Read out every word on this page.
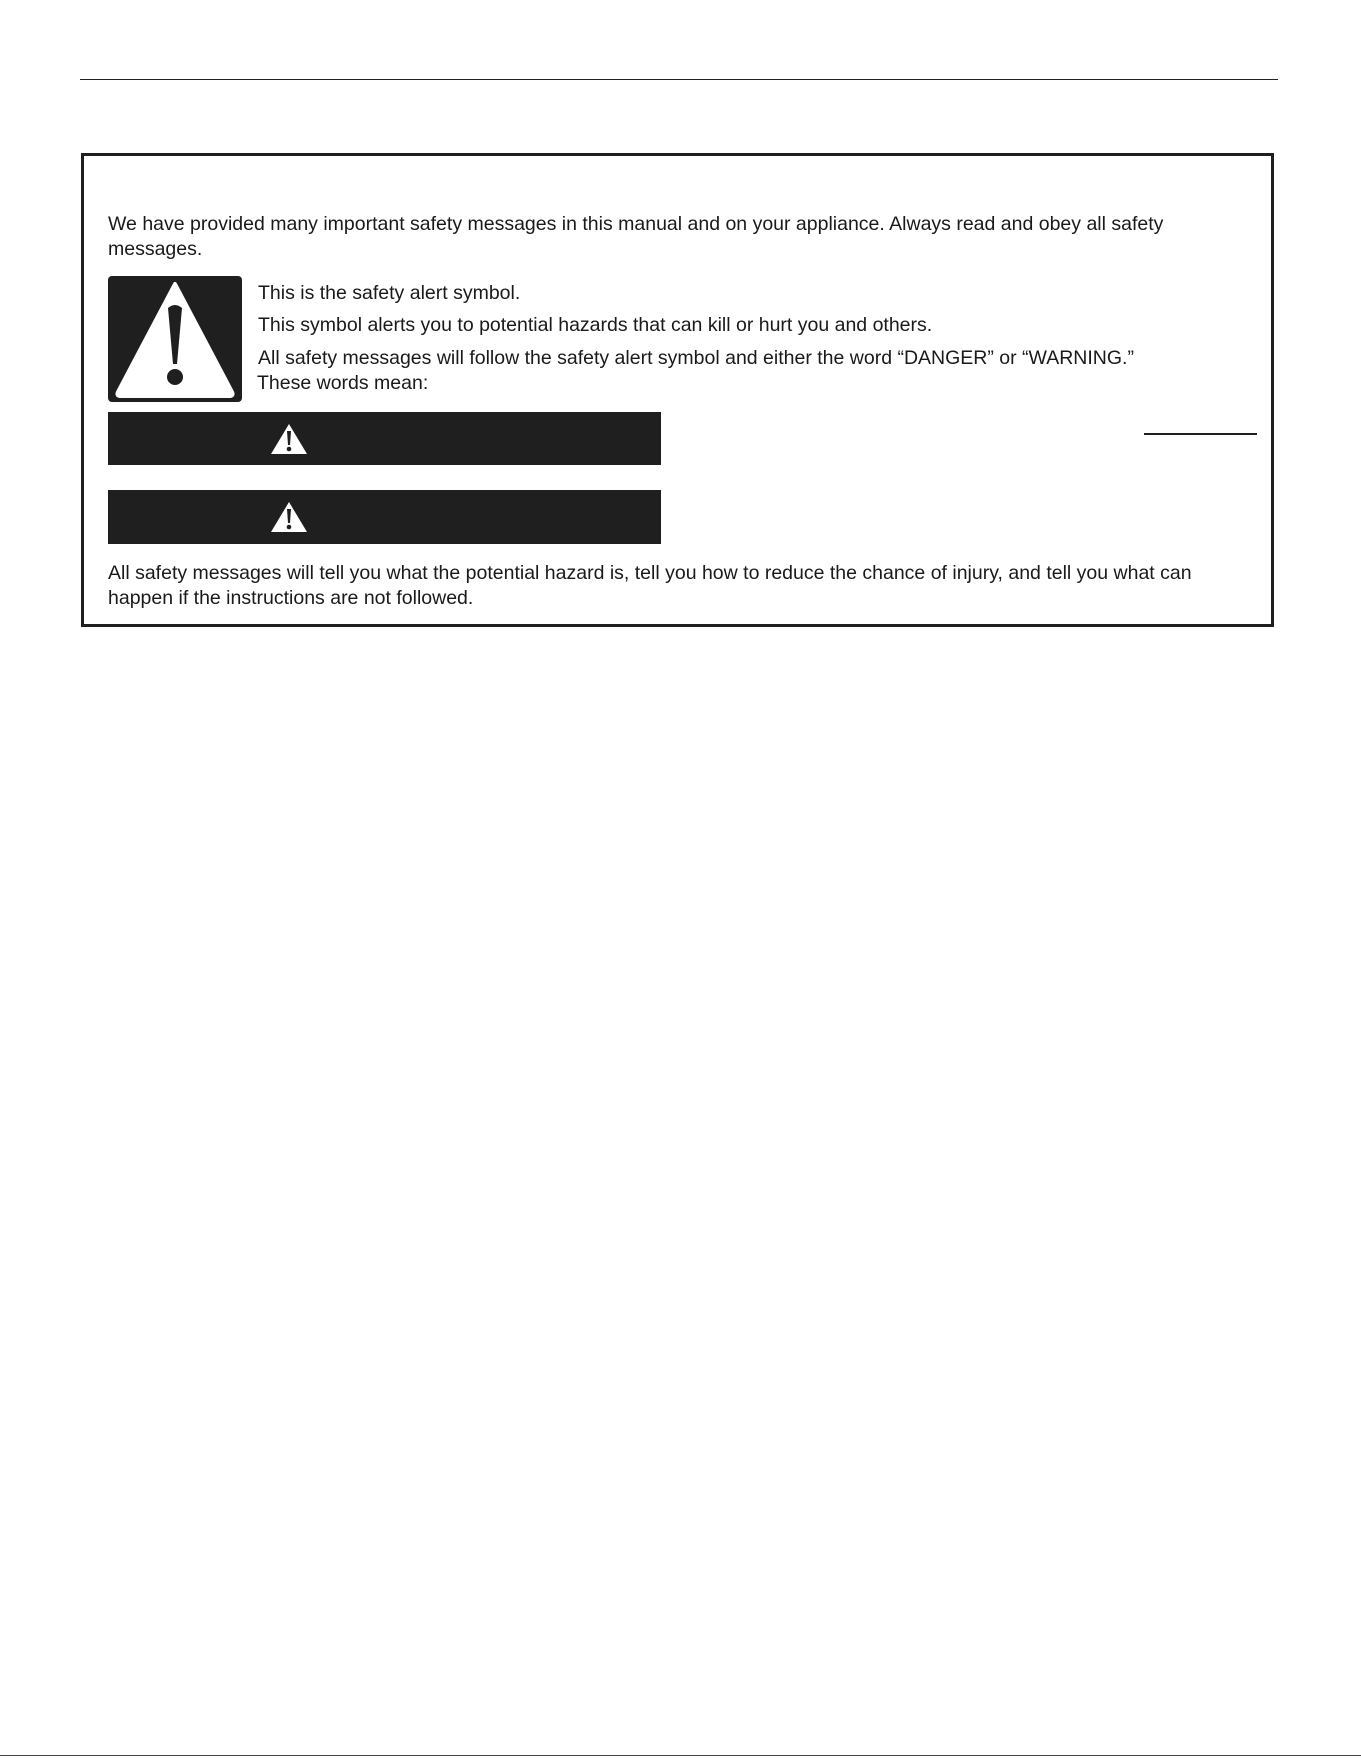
We have provided many important safety messages in this manual and on your appliance. Always read and obey all safety messages.
This is the safety alert symbol.
This symbol alerts you to potential hazards that can kill or hurt you and others.
All safety messages will follow the safety alert symbol and either the word “DANGER” or “WARNING.”
These words mean:
All safety messages will tell you what the potential hazard is, tell you how to reduce the chance of injury, and tell you what can happen if the instructions are not followed.
